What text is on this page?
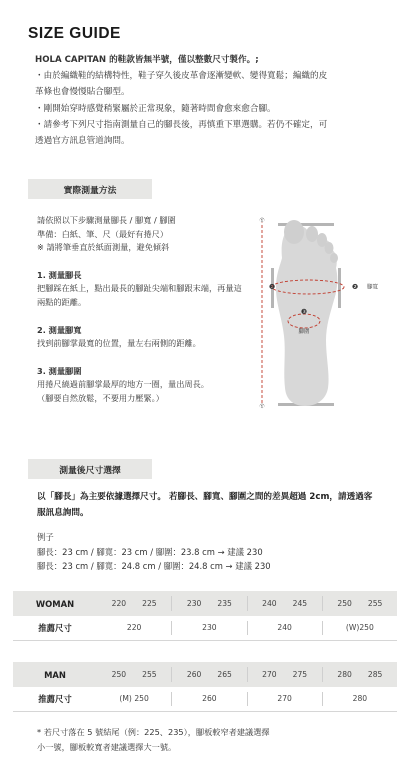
SIZE GUIDE

HOLA CAPITAN 的鞋款皆無半號，僅以整數尺寸製作。;

・由於編織鞋的結構特性，鞋子穿久後皮革會逐漸變軟、變得寬鬆；編織的皮

革條也會慢慢貼合腳型。

・剛開始穿時感覺稍緊屬於正常現象，隨著時間會愈來愈合腳。

・請參考下列尺寸指南測量自己的腳長後，再慎重下單選購。若仍不確定，可

透過官方訊息管道詢問。

實際測量方法

請依照以下步驟測量腳長 / 腳寬 / 腳圍

準備：白紙、筆、尺（最好有捲尺）

※ 請將筆垂直於紙面測量，避免傾斜

1. 測量腳長

把腳踩在紙上，點出最長的腳趾尖端和腳跟末端，再量這

兩點的距離。

2. 測量腳寬

找到前腳掌最寬的位置，量左右兩側的距離。

3. 測量腳圍

用捲尺繞過前腳掌最厚的地方一圈，量出周長。

（腳要自然放鬆，不要用力壓緊。）

❶
❶
❷	❷ 腳寬
❸
腳圍
測量後尺寸選擇

以「腳長」為主要依據選擇尺寸。 若腳長、腳寬、腳圍之間的差異超過 2cm，請透過客

服訊息詢問。

例子

腳長：23 cm / 腳寬：23 cm / 腳圍：23.8 cm → 建議 230

腳長：23 cm / 腳寬：24.8 cm / 腳圍：24.8 cm → 建議 230

WOMAN	220 225	230 235	240 245	250 255
推薦尺寸	220	230	240	(W)250
MAN	250 255	260 265	270 275	280 285
推薦尺寸	(M) 250	260	270	280

* 若尺寸落在 5 號結尾（例：225、235），腳板較窄者建議選擇

小一號，腳板較寬者建議選擇大一號。
